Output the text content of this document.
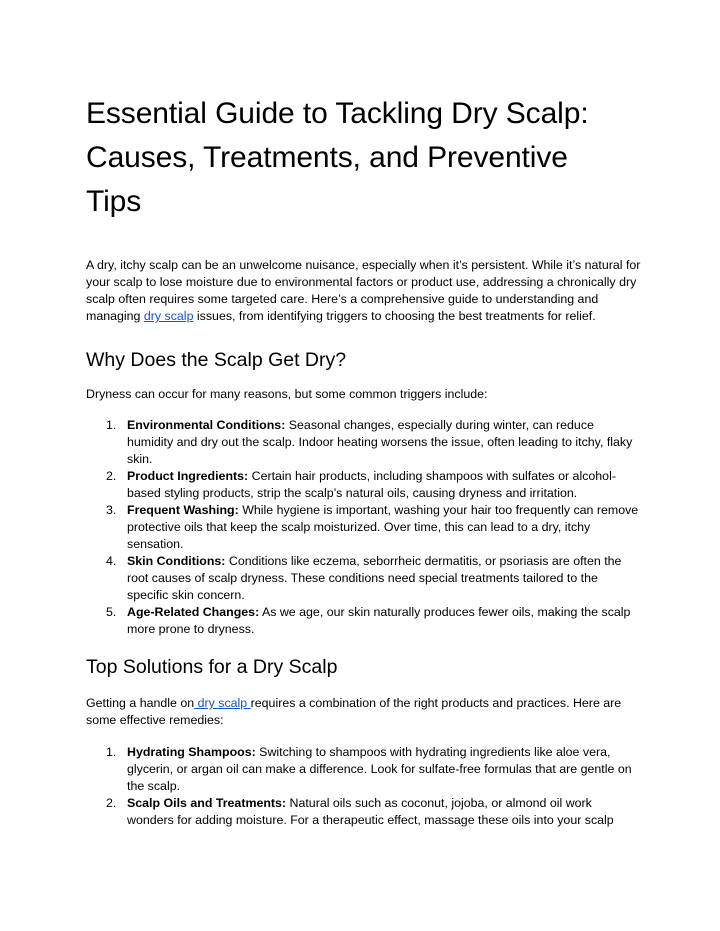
Essential Guide to Tackling Dry Scalp:
Causes, Treatments, and Preventive
Tips

A dry, itchy scalp can be an unwelcome nuisance, especially when it’s persistent. While it’s natural for your scalp to lose moisture due to environmental factors or product use, addressing a chronically dry scalp often requires some targeted care. Here’s a comprehensive guide to understanding and managing dry scalp issues, from identifying triggers to choosing the best treatments for relief.

Why Does the Scalp Get Dry?

Dryness can occur for many reasons, but some common triggers include:

1. Environmental Conditions: Seasonal changes, especially during winter, can reduce humidity and dry out the scalp. Indoor heating worsens the issue, often leading to itchy, flaky skin.
2. Product Ingredients: Certain hair products, including shampoos with sulfates or alcohol-based styling products, strip the scalp’s natural oils, causing dryness and irritation.
3. Frequent Washing: While hygiene is important, washing your hair too frequently can remove protective oils that keep the scalp moisturized. Over time, this can lead to a dry, itchy sensation.
4. Skin Conditions: Conditions like eczema, seborrheic dermatitis, or psoriasis are often the root causes of scalp dryness. These conditions need special treatments tailored to the specific skin concern.
5. Age-Related Changes: As we age, our skin naturally produces fewer oils, making the scalp more prone to dryness.
Top Solutions for a Dry Scalp

Getting a handle on dry scalp requires a combination of the right products and practices. Here are some effective remedies:

1. Hydrating Shampoos: Switching to shampoos with hydrating ingredients like aloe vera, glycerin, or argan oil can make a difference. Look for sulfate-free formulas that are gentle on the scalp.
2. Scalp Oils and Treatments: Natural oils such as coconut, jojoba, or almond oil work wonders for adding moisture. For a therapeutic effect, massage these oils into your scalp
